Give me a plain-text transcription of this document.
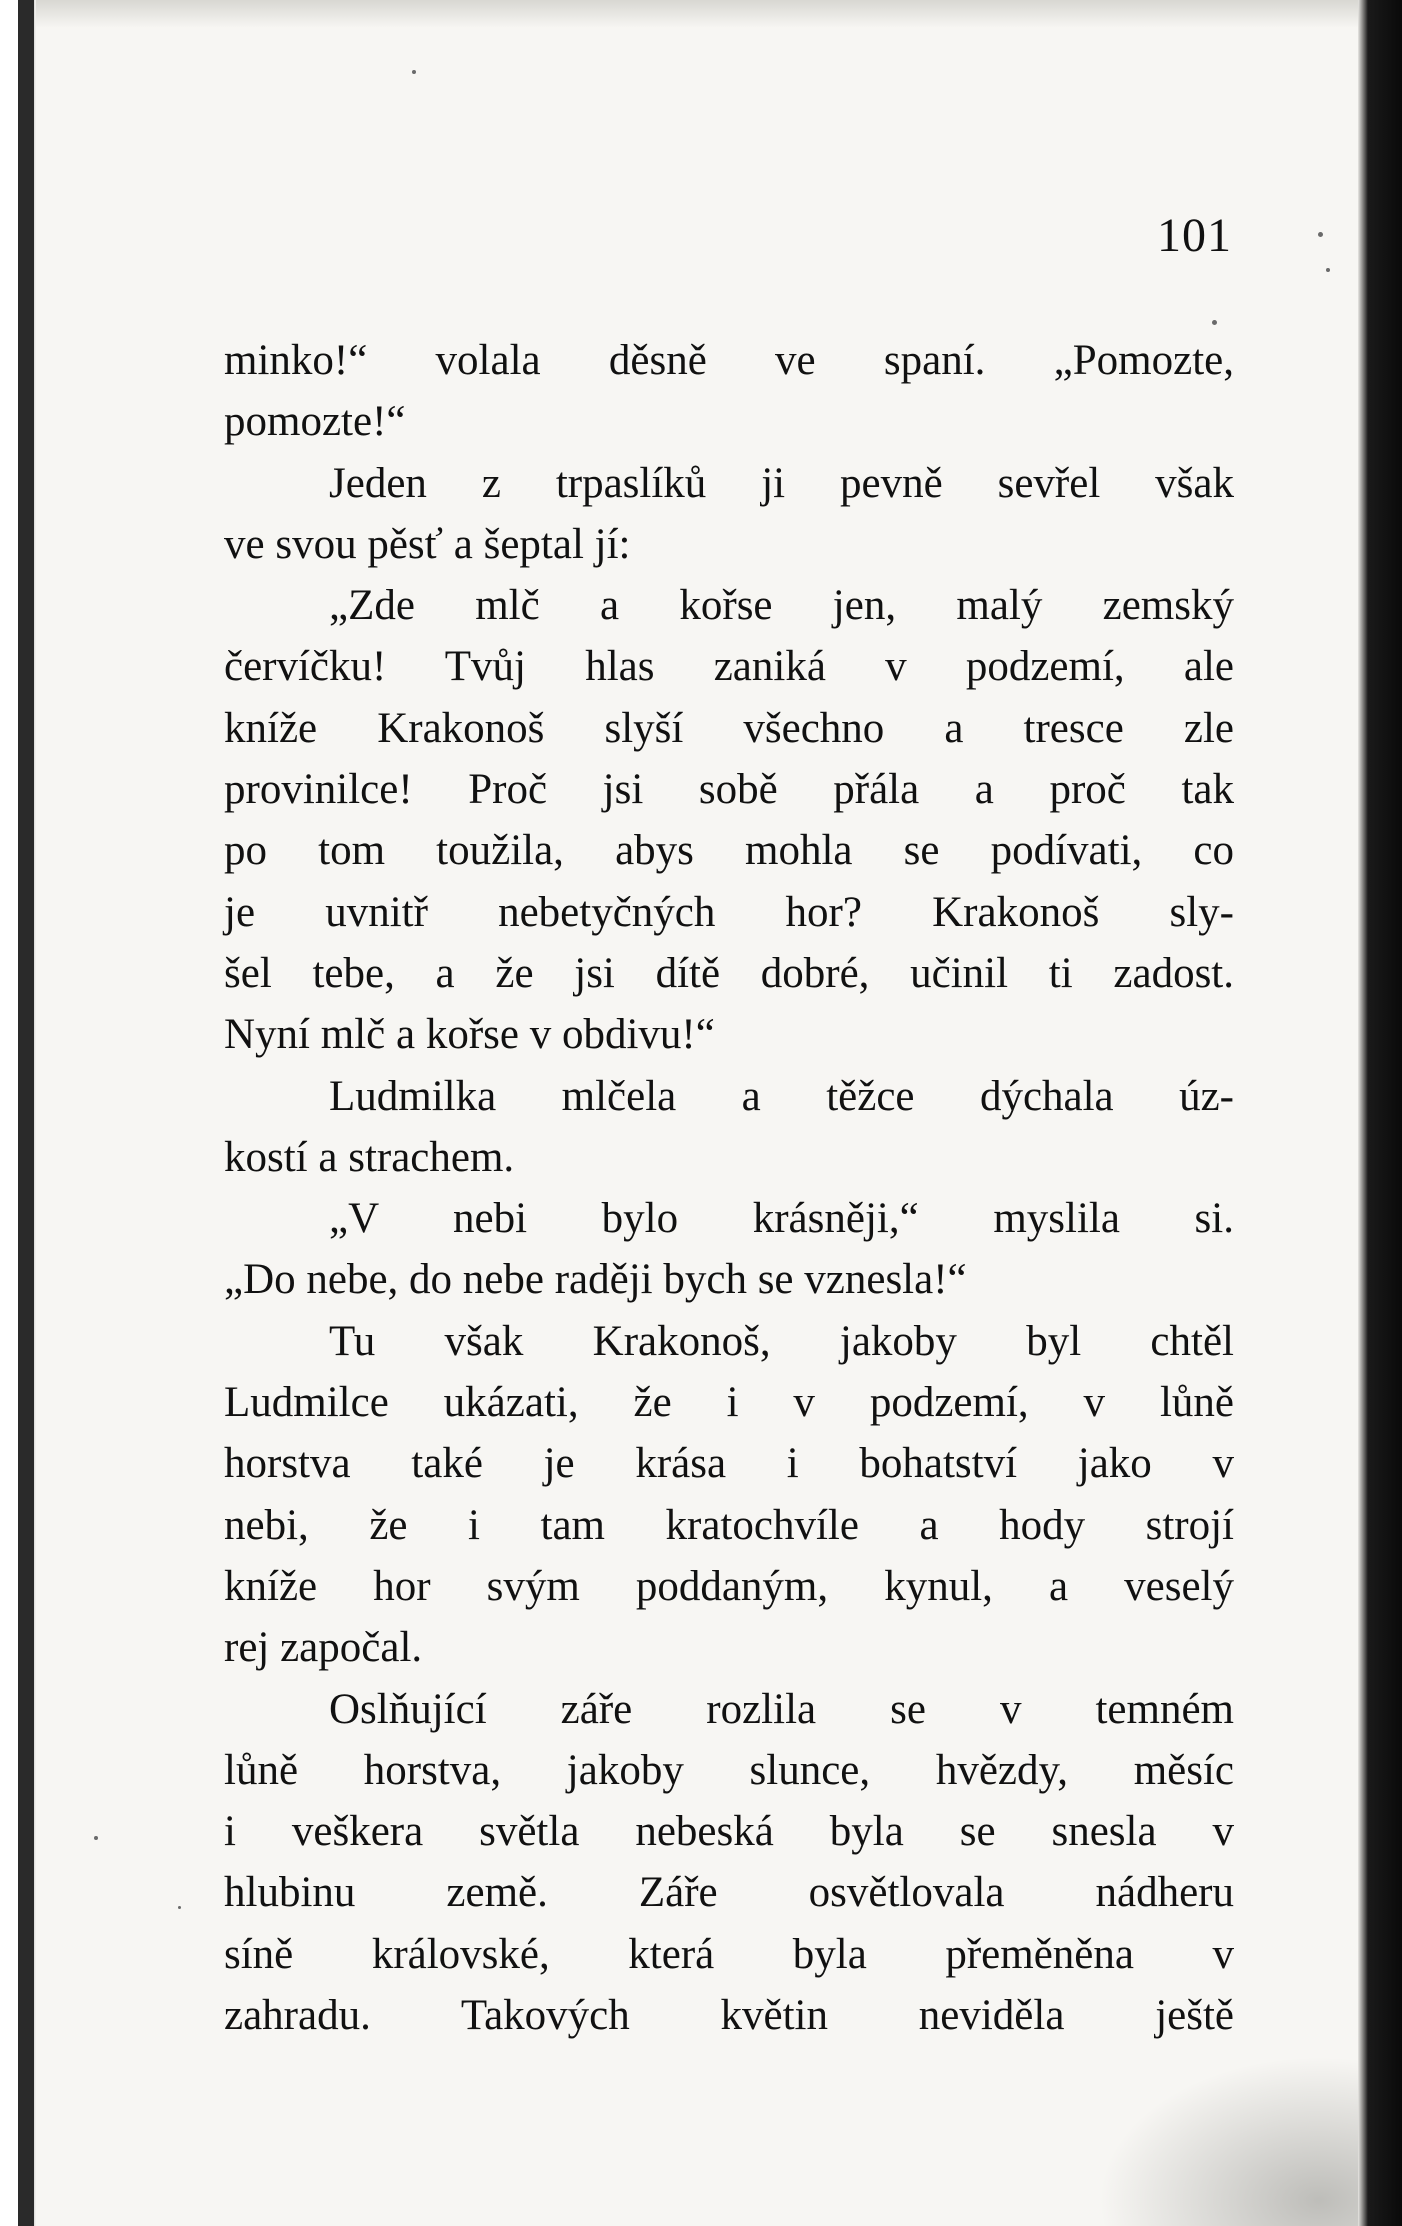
101
minko!“ volala děsně ve spaní. „Pomozte,
pomozte!“
Jeden z trpaslíků ji pevně sevřel však
ve svou pěsť a šeptal jí:
„Zde mlč a kořse jen, malý zemský
červíčku! Tvůj hlas zaniká v podzemí, ale
kníže Krakonoš slyší všechno a tresce zle
provinilce! Proč jsi sobě přála a proč tak
po tom toužila, abys mohla se podívati, co
je uvnitř nebetyčných hor? Krakonoš sly-
šel tebe, a že jsi dítě dobré, učinil ti zadost.
Nyní mlč a kořse v obdivu!“
Ludmilka mlčela a těžce dýchala úz-
kostí a strachem.
„V nebi bylo krásněji,“ myslila si.
„Do nebe, do nebe raději bych se vznesla!“
Tu však Krakonoš, jakoby byl chtěl
Ludmilce ukázati, že i v podzemí, v lůně
horstva také je krása i bohatství jako v
nebi, že i tam kratochvíle a hody strojí
kníže hor svým poddaným, kynul, a veselý
rej započal.
Oslňující záře rozlila se v temném
lůně horstva, jakoby slunce, hvězdy, měsíc
i veškera světla nebeská byla se snesla v
hlubinu země. Záře osvětlovala nádheru
síně královské, která byla přeměněna v
zahradu. Takových květin neviděla ještě
